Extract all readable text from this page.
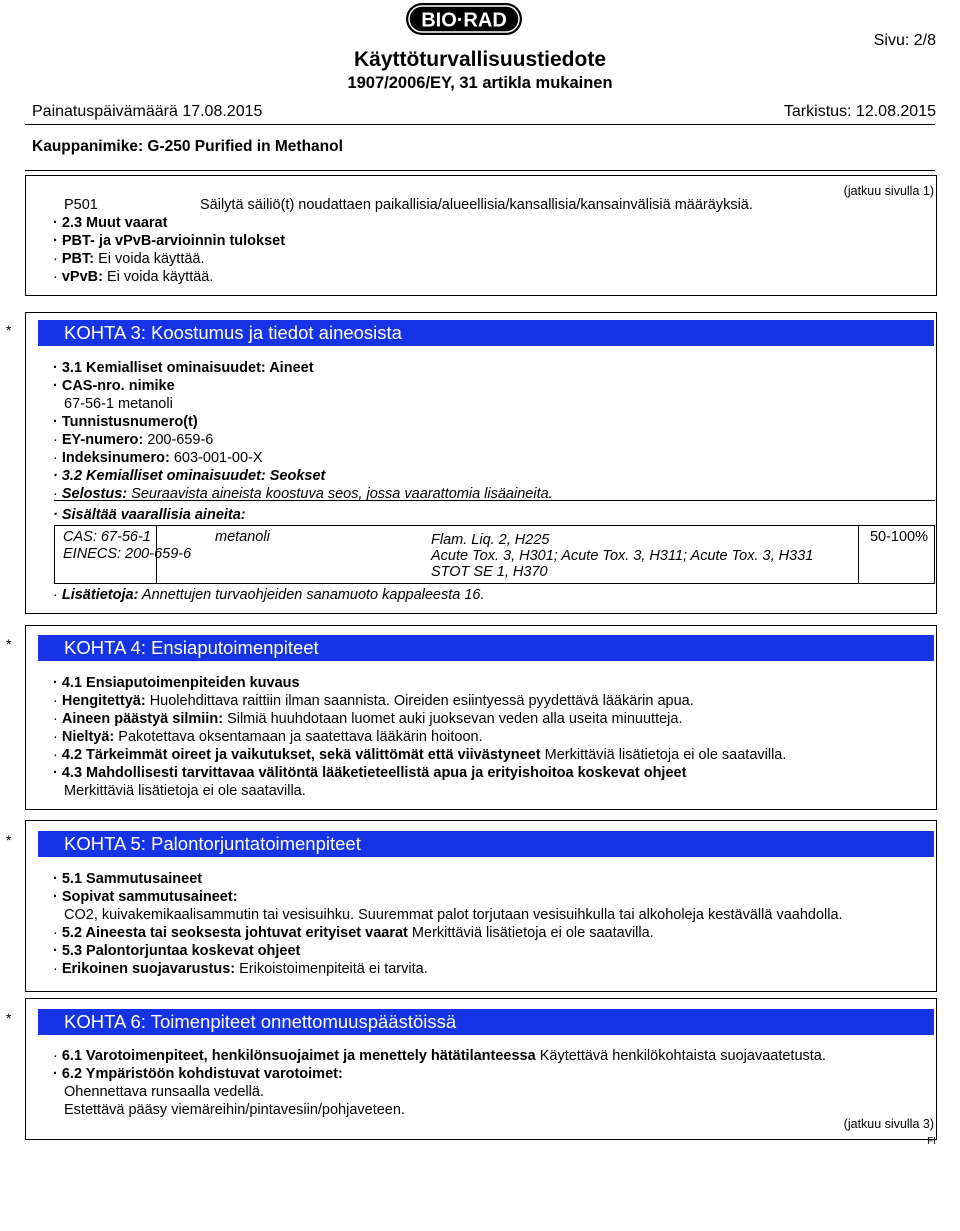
BIO·RAD
Sivu: 2/8
Käyttöturvallisuustiedote
1907/2006/EY, 31 artikla mukainen
Painatuspäivämäärä 17.08.2015	Tarkistus: 12.08.2015
Kauppanimike: G-250 Purified in Methanol
(jatkuu sivulla 1)
P501	Säilytä säiliö(t) noudattaen paikallisia/alueellisia/kansallisia/kansainvälisiä määräyksiä.
· 2.3 Muut vaarat
· PBT- ja vPvB-arvioinnin tulokset
· PBT: Ei voida käyttää.
· vPvB: Ei voida käyttää.
*	KOHTA 3: Koostumus ja tiedot aineosista
· 3.1 Kemialliset ominaisuudet: Aineet
· CAS-nro. nimike
67-56-1 metanoli
· Tunnistusnumero(t)
· EY-numero: 200-659-6
· Indeksinumero: 603-001-00-X
· 3.2 Kemialliset ominaisuudet: Seokset
· Selostus: Seuraavista aineista koostuva seos, jossa vaarattomia lisäaineita.
· Sisältää vaarallisia aineita:
CAS: 67-56-1
EINECS: 200-659-6
metanoli	Flam. Liq. 2, H225
Acute Tox. 3, H301; Acute Tox. 3, H311; Acute Tox. 3, H331
STOT SE 1, H370
50-100%
· Lisätietoja: Annettujen turvaohjeiden sanamuoto kappaleesta 16.
*	KOHTA 4: Ensiaputoimenpiteet
· 4.1 Ensiaputoimenpiteiden kuvaus
· Hengitettyä: Huolehdittava raittiin ilman saannista. Oireiden esiintyessä pyydettävä lääkärin apua.
· Aineen päästyä silmiin: Silmiä huuhdotaan luomet auki juoksevan veden alla useita minuutteja.
· Nieltyä: Pakotettava oksentamaan ja saatettava lääkärin hoitoon.
· 4.2 Tärkeimmät oireet ja vaikutukset, sekä välittömät että viivästyneet Merkittäviä lisätietoja ei ole saatavilla.
· 4.3 Mahdollisesti tarvittavaa välitöntä lääketieteellistä apua ja erityishoitoa koskevat ohjeet
Merkittäviä lisätietoja ei ole saatavilla.
*	KOHTA 5: Palontorjuntatoimenpiteet
· 5.1 Sammutusaineet
· Sopivat sammutusaineet:
CO2, kuivakemikaalisammutin tai vesisuihku. Suuremmat palot torjutaan vesisuihkulla tai alkoholeja kestävällä vaahdolla.
· 5.2 Aineesta tai seoksesta johtuvat erityiset vaarat Merkittäviä lisätietoja ei ole saatavilla.
· 5.3 Palontorjuntaa koskevat ohjeet
· Erikoinen suojavarustus: Erikoistoimenpiteitä ei tarvita.
*	KOHTA 6: Toimenpiteet onnettomuuspäästöissä
· 6.1 Varotoimenpiteet, henkilönsuojaimet ja menettely hätätilanteessa Käytettävä henkilökohtaista suojavaatetusta.
· 6.2 Ympäristöön kohdistuvat varotoimet:
Ohennettava runsaalla vedellä.
Estettävä pääsy viemäreihin/pintavesiin/pohjaveteen.
(jatkuu sivulla 3)
FI
